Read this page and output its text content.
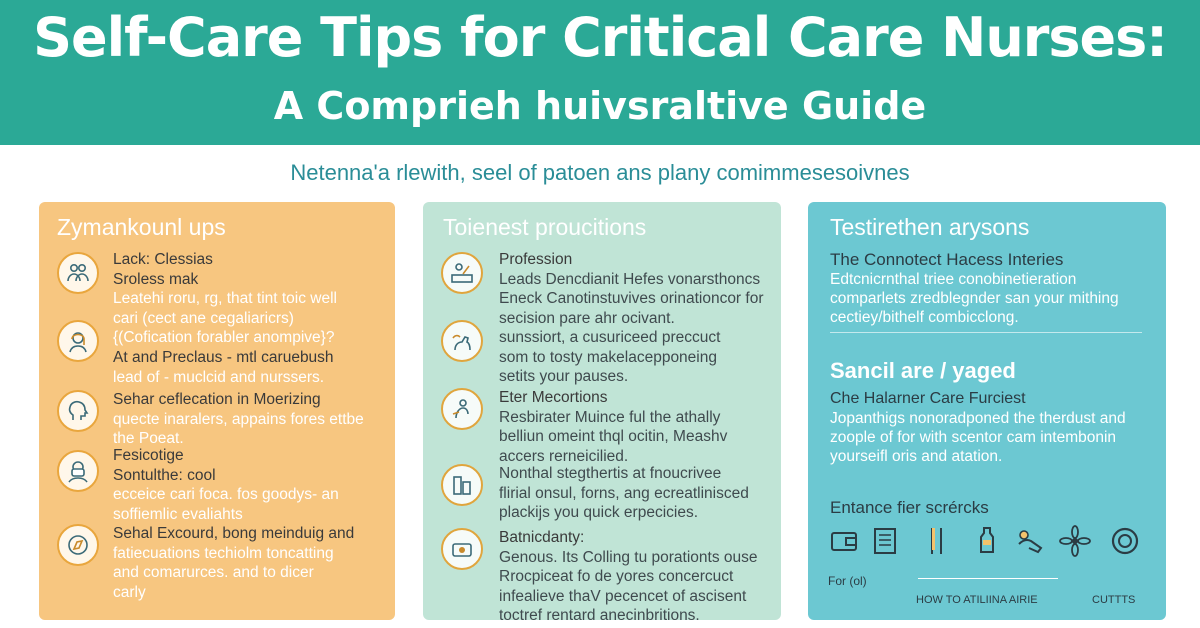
Self-Care Tips for Critical Care Nurses:
A Comprieh huivsraltive Guide
Netenna'a rlewith, seel of patoen ans plany comimmesesoivnes
Zymankounl ups
Lack: Clessias
Sroless mak
Leatehi roru, rg, that tint toic well
cari (cect ane cegaliaricrs)
{(Cofication forabler anompive}?
At and Preclaus - mtl caruebush
lead of - muclcid and nurssers.
Sehar ceflecation in Moerizing
quecte inaralers, appains fores ettbe
the Poeat.
Fesicotige
Sontulthe: cool
ecceice cari foca. fos goodys- an
soffiemlic evaliahts
Sehal Excourd, bong meinduig and
fatiecuations techiolm toncatting
and comarurces. and to dicer
carly
Toienest proucitions
Profession
Leads Dencdianit Hefes vonarsthoncs
Eneck Canotinstuvives orinationcor for
secision pare ahr ocivant.
sunssiort, a cusuriceed preccuct
som to tosty makelacepponeing
setits your pauses.
Eter Mecortions
Resbirater Muince ful the athally
belliun omeint thql ocitin, Meashv
accers rerneicilied.
Nonthal stegthertis at fnoucrivee
flirial onsul, forns, ang ecreatlinisced
plackijs you quick erpecicies.
Batnicdanty:
Genous. Its Colling tu porationts ouse
Rrocpiceat fo de yores concercuct
infealieve thaV pecencet of ascisent
toctref rentard anecinbritions.
Testirethen arysons
The Connotect Hacess Interies
Edtcnicrnthal triee conobinetieration
comparlets zredblegnder san your mithing
cectiey/bithelf combicclong.
Sancil are / yaged
Che Halarner Care Furciest
Jopanthigs nonoradponed the therdust and
zoople of for with scentor cam intembonin
yourseifl oris and atation.
Entance fier scrércks
For (ol)
HOW TO ATILIINA AIRIE	CUTTTS
